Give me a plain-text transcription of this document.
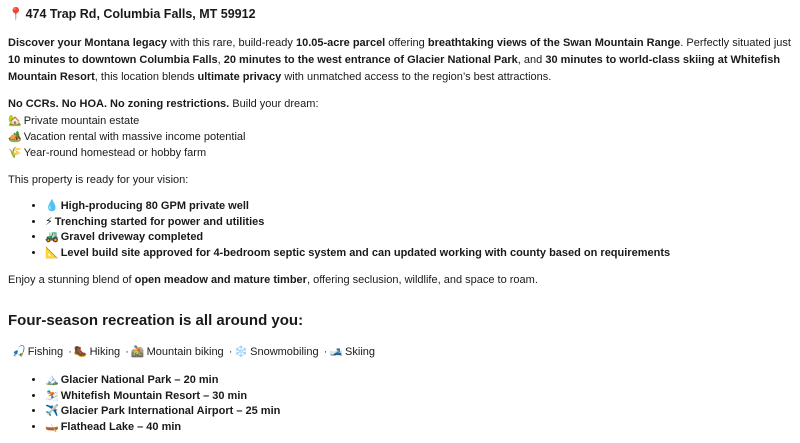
📍 474 Trap Rd, Columbia Falls, MT 59912
Discover your Montana legacy with this rare, build-ready 10.05-acre parcel offering breathtaking views of the Swan Mountain Range. Perfectly situated just 10 minutes to downtown Columbia Falls, 20 minutes to the west entrance of Glacier National Park, and 30 minutes to world-class skiing at Whitefish Mountain Resort, this location blends ultimate privacy with unmatched access to the region’s best attractions.
No CCRs. No HOA. No zoning restrictions. Build your dream:
🏡 Private mountain estate
🏕️ Vacation rental with massive income potential
🌾 Year-round homestead or hobby farm
This property is ready for your vision:
• 💧 High-producing 80 GPM private well
• ⚡ Trenching started for power and utilities
• 🚜 Gravel driveway completed
• 📐 Level build site approved for 4-bedroom septic system and can updated working with county based on requirements
Enjoy a stunning blend of open meadow and mature timber, offering seclusion, wildlife, and space to roam.
Four-season recreation is all around you:
🎣 Fishing · 🥾 Hiking · 🚵 Mountain biking · ❄️ Snowmobiling · 🎿 Skiing
• 🏔️ Glacier National Park – 20 min
• ⛷️ Whitefish Mountain Resort – 30 min
• ✈️ Glacier Park International Airport – 25 min
• 🛶 Flathead Lake – 40 min
